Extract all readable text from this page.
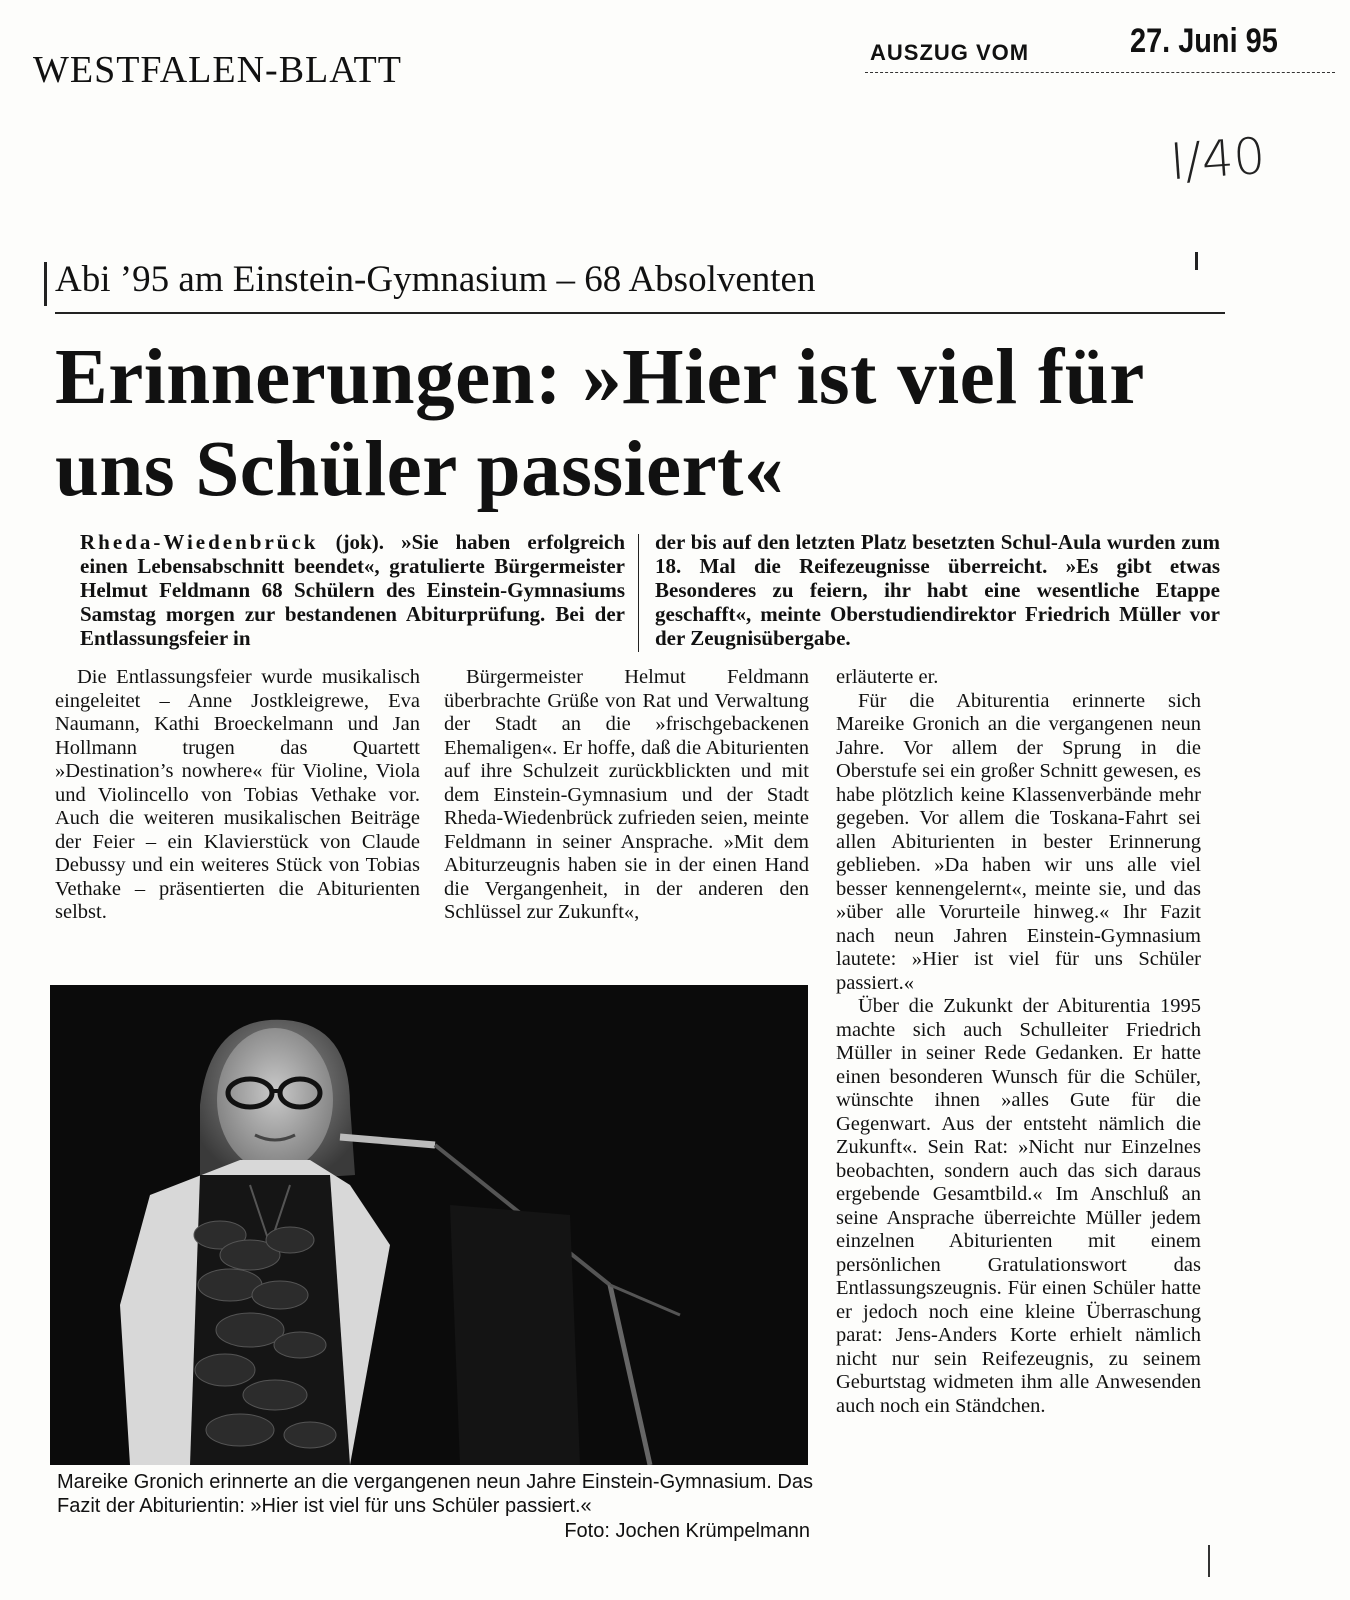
WESTFALEN-BLATT	AUSZUG VOM	27. Juni 95
I/40
Abi ’95 am Einstein-Gymnasium – 68 Absolventen
Erinnerungen: »Hier ist viel für uns Schüler passiert«
Rheda-Wiedenbrück (jok). »Sie haben erfolgreich einen Lebensabschnitt beendet«, gratulierte Bürgermeister Helmut Feldmann 68 Schülern des Einstein-Gymnasiums Samstag morgen zur bestandenen Abiturprüfung. Bei der Entlassungsfeier in
der bis auf den letzten Platz besetzten Schul-Aula wurden zum 18. Mal die Reifezeugnisse überreicht. »Es gibt etwas Besonderes zu feiern, ihr habt eine wesentliche Etappe geschafft«, meinte Oberstudiendirektor Friedrich Müller vor der Zeugnisübergabe.

Die Entlassungsfeier wurde musikalisch eingeleitet – Anne Jostkleigrewe, Eva Naumann, Kathi Broeckelmann und Jan Hollmann trugen das Quartett »Destination’s nowhere« für Violine, Viola und Violincello von Tobias Vethake vor. Auch die weiteren musikalischen Beiträge der Feier – ein Klavierstück von Claude Debussy und ein weiteres Stück von Tobias Vethake – präsentierten die Abiturienten selbst.

Bürgermeister Helmut Feldmann überbrachte Grüße von Rat und Verwaltung der Stadt an die »frischgebackenen Ehemaligen«. Er hoffe, daß die Abiturienten auf ihre Schulzeit zurückblickten und mit dem Einstein-Gymnasium und der Stadt Rheda-Wiedenbrück zufrieden seien, meinte Feldmann in seiner Ansprache. »Mit dem Abiturzeugnis haben sie in der einen Hand die Vergangenheit, in der anderen den Schlüssel zur Zukunft«,

erläuterte er.

Für die Abiturentia erinnerte sich Mareike Gronich an die vergangenen neun Jahre. Vor allem der Sprung in die Oberstufe sei ein großer Schnitt gewesen, es habe plötzlich keine Klassenverbände mehr gegeben. Vor allem die Toskana-Fahrt sei allen Abiturienten in bester Erinnerung geblieben. »Da haben wir uns alle viel besser kennengelernt«, meinte sie, und das »über alle Vorurteile hinweg.« Ihr Fazit nach neun Jahren Einstein-Gymnasium lautete: »Hier ist viel für uns Schüler passiert.«

Über die Zukunkt der Abiturentia 1995 machte sich auch Schulleiter Friedrich Müller in seiner Rede Gedanken. Er hatte einen besonderen Wunsch für die Schüler, wünschte ihnen »alles Gute für die Gegenwart. Aus der entsteht nämlich die Zukunft«. Sein Rat: »Nicht nur Einzelnes beobachten, sondern auch das sich daraus ergebende Gesamtbild.« Im Anschluß an seine Ansprache überreichte Müller jedem einzelnen Abiturienten mit einem persönlichen Gratulationswort das Entlassungszeugnis. Für einen Schüler hatte er jedoch noch eine kleine Überraschung parat: Jens-Anders Korte erhielt nämlich nicht nur sein Reifezeugnis, zu seinem Geburtstag widmeten ihm alle Anwesenden auch noch ein Ständchen.

Mareike Gronich erinnerte an die vergangenen neun Jahre Einstein-Gymnasium. Das Fazit der Abiturientin: »Hier ist viel für uns Schüler passiert.«
Foto: Jochen Krümpelmann
